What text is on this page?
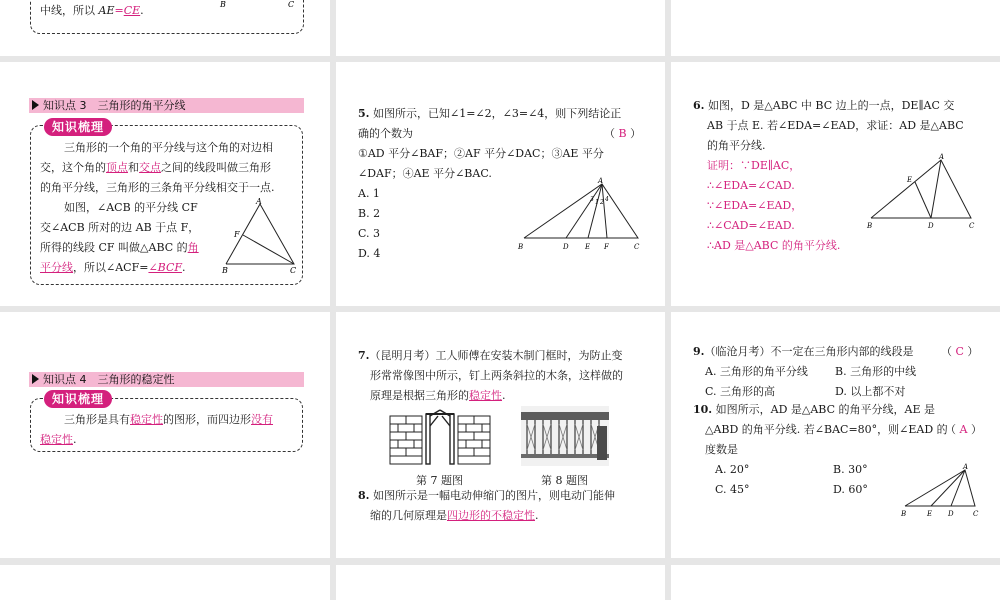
中线，所以 AE=CE.	B	C
知识点 3　三角形的角平分线
知识梳理
三角形的一个角的平分线与这个角的对边相
交，这个角的顶点和交点之间的线段叫做三角形
的角平分线，三角形的三条角平分线相交于一点.
如图，∠ACB 的平分线 CF
交∠ACB 所对的边 AB 于点 F，
所得的线段 CF 叫做△ABC 的角
平分线，所以∠ACF=∠BCF.
A
B	C
F
5. 如图所示，已知∠1=∠2，∠3=∠4，则下列结论正
确的个数为	（ B ）
①AD 平分∠BAF；②AF 平分∠DAC；③AE 平分
∠DAF；④AE 平分∠BAC.
A. 1
B. 2
C. 3
D. 4
A
B	D E F	C
3 1 2 4
6. 如图，D 是△ABC 中 BC 边上的一点，DE∥AC 交
AB 于点 E. 若∠EDA=∠EAD，求证：AD 是△ABC
的角平分线.
证明：∵DE∥AC，
∴∠EDA=∠CAD.
∵∠EDA=∠EAD，
∴∠CAD=∠EAD.
∴AD 是△ABC 的角平分线.
A
E
B	D	C
知识点 4　三角形的稳定性
知识梳理
三角形是具有稳定性的图形，而四边形没有
稳定性.
7.（昆明月考）工人师傅在安装木制门框时，为防止变
形常常像图中所示，钉上两条斜拉的木条，这样做的
原理是根据三角形的稳定性.
第 7 题图	第 8 题图
8. 如图所示是一幅电动伸缩门的图片，则电动门能伸
缩的几何原理是四边形的不稳定性.
9.（临沧月考）不一定在三角形内部的线段是	（ C ）
A. 三角形的角平分线 B. 三角形的中线
C. 三角形的高	D. 以上都不对
10. 如图所示，AD 是△ABC 的角平分线，AE 是
△ABD 的角平分线. 若∠BAC=80°，则∠EAD 的
度数是
（ A ）
A. 20°	B. 30°
C. 45°	D. 60°
A
B	E D	C
